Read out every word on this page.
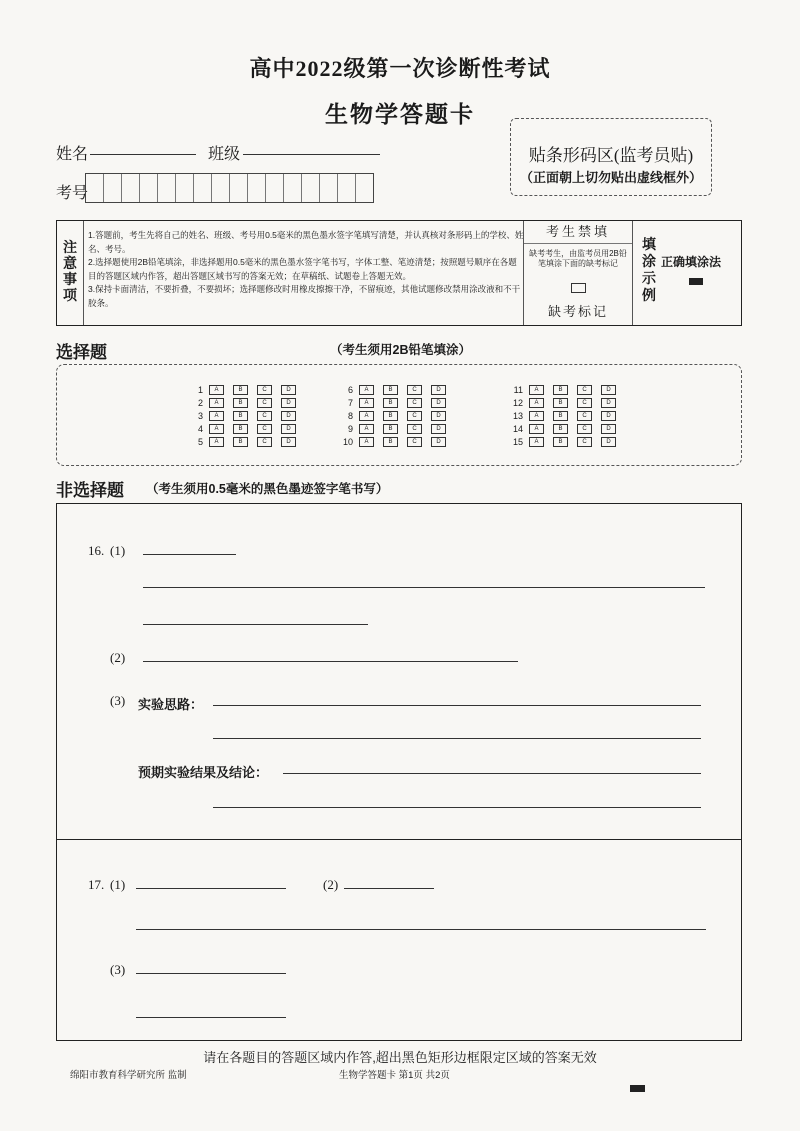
高中2022级第一次诊断性考试
生物学答题卡
姓名	班级
考号
贴条形码区(监考员贴)
（正面朝上切勿贴出虚线框外）
注
意
事
项
1.答题前，考生先将自己的姓名、班级、考号用0.5毫米的黑色墨水签字笔填写清楚，并认真核对条形码上的学校、姓名、考号。
2.选择题使用2B铅笔填涂，非选择题用0.5毫米的黑色墨水签字笔书写，字体工整、笔迹清楚；按照题号顺序在各题目的答题区域内作答，超出答题区域书写的答案无效；在草稿纸、试题卷上答题无效。
3.保持卡面清洁，不要折叠，不要损坏；选择题修改时用橡皮擦擦干净，不留痕迹，其他试题修改禁用涂改液和不干胶条。
考生禁填
缺考考生，由监考员用2B铅笔填涂下面的缺考标记
缺考标记
填
涂
示
例
正确填涂法
选择题	（考生须用2B铅笔填涂）
1	A	B	C	D
2	A	B	C	D
3	A	B	C	D
4	A	B	C	D
5	A	B	C	D
6	A	B	C	D
7	A	B	C	D
8	A	B	C	D
9	A	B	C	D
10	A	B	C	D
11	A	B	C	D
12	A	B	C	D
13	A	B	C	D
14	A	B	C	D
15	A	B	C	D
非选择题 （考生须用0.5毫米的黑色墨迹签字笔书写）
16. (1)
(2)
(3) 实验思路：
预期实验结果及结论：
17. (1)	(2)
(3)
请在各题目的答题区域内作答,超出黑色矩形边框限定区域的答案无效
绵阳市教育科学研究所 监制	生物学答题卡 第1页 共2页
